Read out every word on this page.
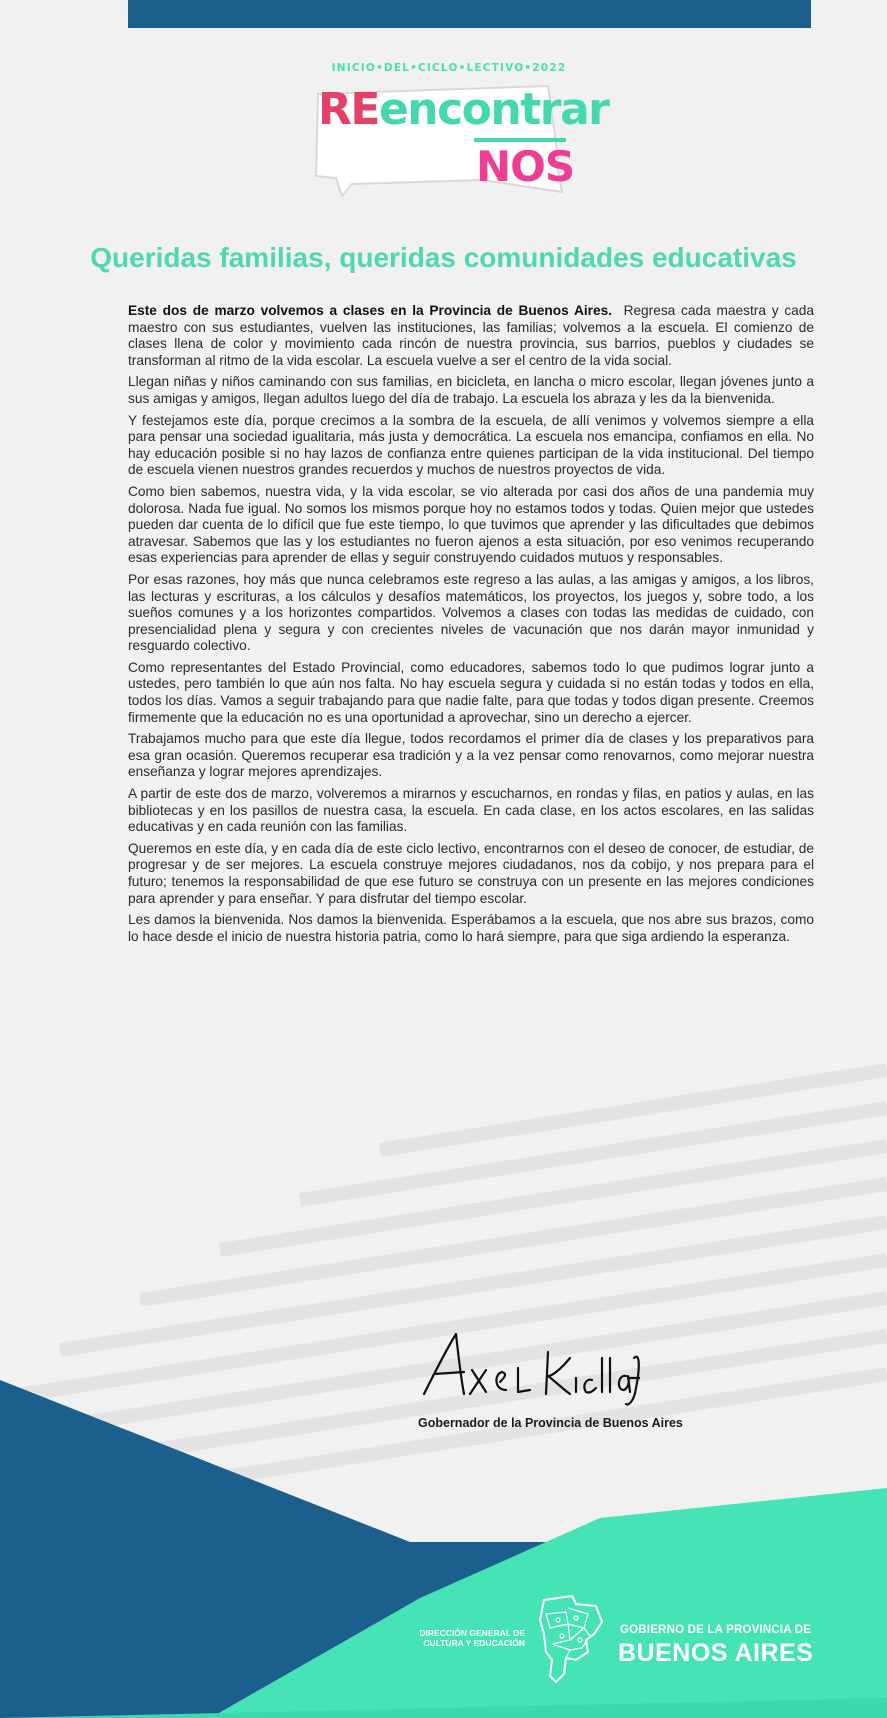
INICIO•DEL•CICLO•LECTIVO•2022
REencontrar
NOS
Queridas familias, queridas comunidades educativas

Este dos de marzo volvemos a clases en la Provincia de Buenos Aires. Regresa cada maestra y cada maestro con sus estudiantes, vuelven las instituciones, las familias; volvemos a la escuela. El comienzo de clases llena de color y movimiento cada rincón de nuestra provincia, sus barrios, pueblos y ciudades se transforman al ritmo de la vida escolar. La escuela vuelve a ser el centro de la vida social.

Llegan niñas y niños caminando con sus familias, en bicicleta, en lancha o micro escolar, llegan jóvenes junto a sus amigas y amigos, llegan adultos luego del día de trabajo. La escuela los abraza y les da la bienvenida.

Y festejamos este día, porque crecimos a la sombra de la escuela, de allí venimos y volvemos siempre a ella para pensar una sociedad igualitaria, más justa y democrática. La escuela nos emancipa, confiamos en ella. No hay educación posible si no hay lazos de confianza entre quienes participan de la vida institucional. Del tiempo de escuela vienen nuestros grandes recuerdos y muchos de nuestros proyectos de vida.

Como bien sabemos, nuestra vida, y la vida escolar, se vio alterada por casi dos años de una pandemia muy dolorosa. Nada fue igual. No somos los mismos porque hoy no estamos todos y todas. Quien mejor que ustedes pueden dar cuenta de lo difícil que fue este tiempo, lo que tuvimos que aprender y las dificultades que debimos atravesar. Sabemos que las y los estudiantes no fueron ajenos a esta situación, por eso venimos recuperando esas experiencias para aprender de ellas y seguir construyendo cuidados mutuos y responsables.

Por esas razones, hoy más que nunca celebramos este regreso a las aulas, a las amigas y amigos, a los libros, las lecturas y escrituras, a los cálculos y desafíos matemáticos, los proyectos, los juegos y, sobre todo, a los sueños comunes y a los horizontes compartidos. Volvemos a clases con todas las medidas de cuidado, con presencialidad plena y segura y con crecientes niveles de vacunación que nos darán mayor inmunidad y resguardo colectivo.

Como representantes del Estado Provincial, como educadores, sabemos todo lo que pudimos lograr junto a ustedes, pero también lo que aún nos falta. No hay escuela segura y cuidada si no están todas y todos en ella, todos los días. Vamos a seguir trabajando para que nadie falte, para que todas y todos digan presente. Creemos firmemente que la educación no es una oportunidad a aprovechar, sino un derecho a ejercer.

Trabajamos mucho para que este día llegue, todos recordamos el primer día de clases y los preparativos para esa gran ocasión. Queremos recuperar esa tradición y a la vez pensar como renovarnos, como mejorar nuestra enseñanza y lograr mejores aprendizajes.

A partir de este dos de marzo, volveremos a mirarnos y escucharnos, en rondas y filas, en patios y aulas, en las bibliotecas y en los pasillos de nuestra casa, la escuela. En cada clase, en los actos escolares, en las salidas educativas y en cada reunión con las familias.

Queremos en este día, y en cada día de este ciclo lectivo, encontrarnos con el deseo de conocer, de estudiar, de progresar y de ser mejores. La escuela construye mejores ciudadanos, nos da cobijo, y nos prepara para el futuro; tenemos la responsabilidad de que ese futuro se construya con un presente en las mejores condiciones para aprender y para enseñar. Y para disfrutar del tiempo escolar.

Les damos la bienvenida. Nos damos la bienvenida. Esperábamos a la escuela, que nos abre sus brazos, como lo hace desde el inicio de nuestra historia patria, como lo hará siempre, para que siga ardiendo la esperanza.

Gobernador de la Provincia de Buenos Aires
DIRECCIÓN GENERAL DE CULTURA Y EDUCACIÓN
GOBIERNO DE LA PROVINCIA DE
BUENOS AIRES
